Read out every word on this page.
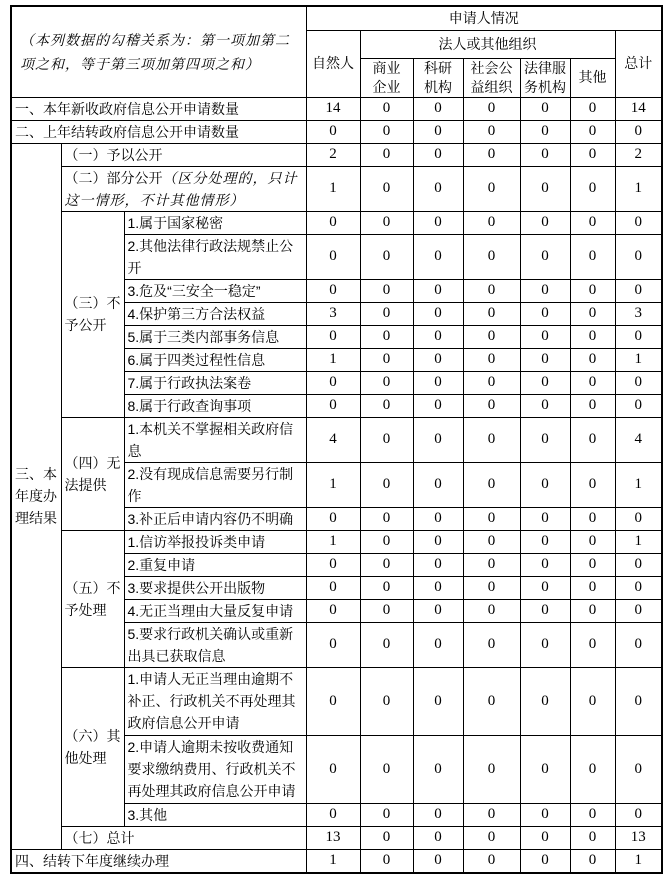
（本列数据的勾稽关系为：第一项加第二项之和，等于第三项加第四项之和）			申请人情况						
			自然人	法人或其他组织					总计
				商业企业	科研机构	社会公益组织	法律服务机构	其他	
一、本年新收政府信息公开申请数量			14	0	0	0	0	0	14
二、上年结转政府信息公开申请数量			0	0	0	0	0	0	0
三、本年度办理结果	（一）予以公开		2	0	0	0	0	0	2
	（二）部分公开（区分处理的，只计这一情形，不计其他情形）		1	0	0	0	0	0	1
	（三）不予公开	1.属于国家秘密	0	0	0	0	0	0	0
		2.其他法律行政法规禁止公开	0	0	0	0	0	0	0
		3.危及“三安全一稳定”	0	0	0	0	0	0	0
		4.保护第三方合法权益	3	0	0	0	0	0	3
		5.属于三类内部事务信息	0	0	0	0	0	0	0
		6.属于四类过程性信息	1	0	0	0	0	0	1
		7.属于行政执法案卷	0	0	0	0	0	0	0
		8.属于行政查询事项	0	0	0	0	0	0	0
	（四）无法提供	1.本机关不掌握相关政府信息	4	0	0	0	0	0	4
		2.没有现成信息需要另行制作	1	0	0	0	0	0	1
		3.补正后申请内容仍不明确	0	0	0	0	0	0	0
	（五）不予处理	1.信访举报投诉类申请	1	0	0	0	0	0	1
		2.重复申请	0	0	0	0	0	0	0
		3.要求提供公开出版物	0	0	0	0	0	0	0
		4.无正当理由大量反复申请	0	0	0	0	0	0	0
		5.要求行政机关确认或重新出具已获取信息	0	0	0	0	0	0	0
	（六）其他处理	1.申请人无正当理由逾期不补正、行政机关不再处理其政府信息公开申请	0	0	0	0	0	0	0
		2.申请人逾期未按收费通知要求缴纳费用、行政机关不再处理其政府信息公开申请	0	0	0	0	0	0	0
		3.其他	0	0	0	0	0	0	0
	（七）总计		13	0	0	0	0	0	13
四、结转下年度继续办理			1	0	0	0	0	0	1
